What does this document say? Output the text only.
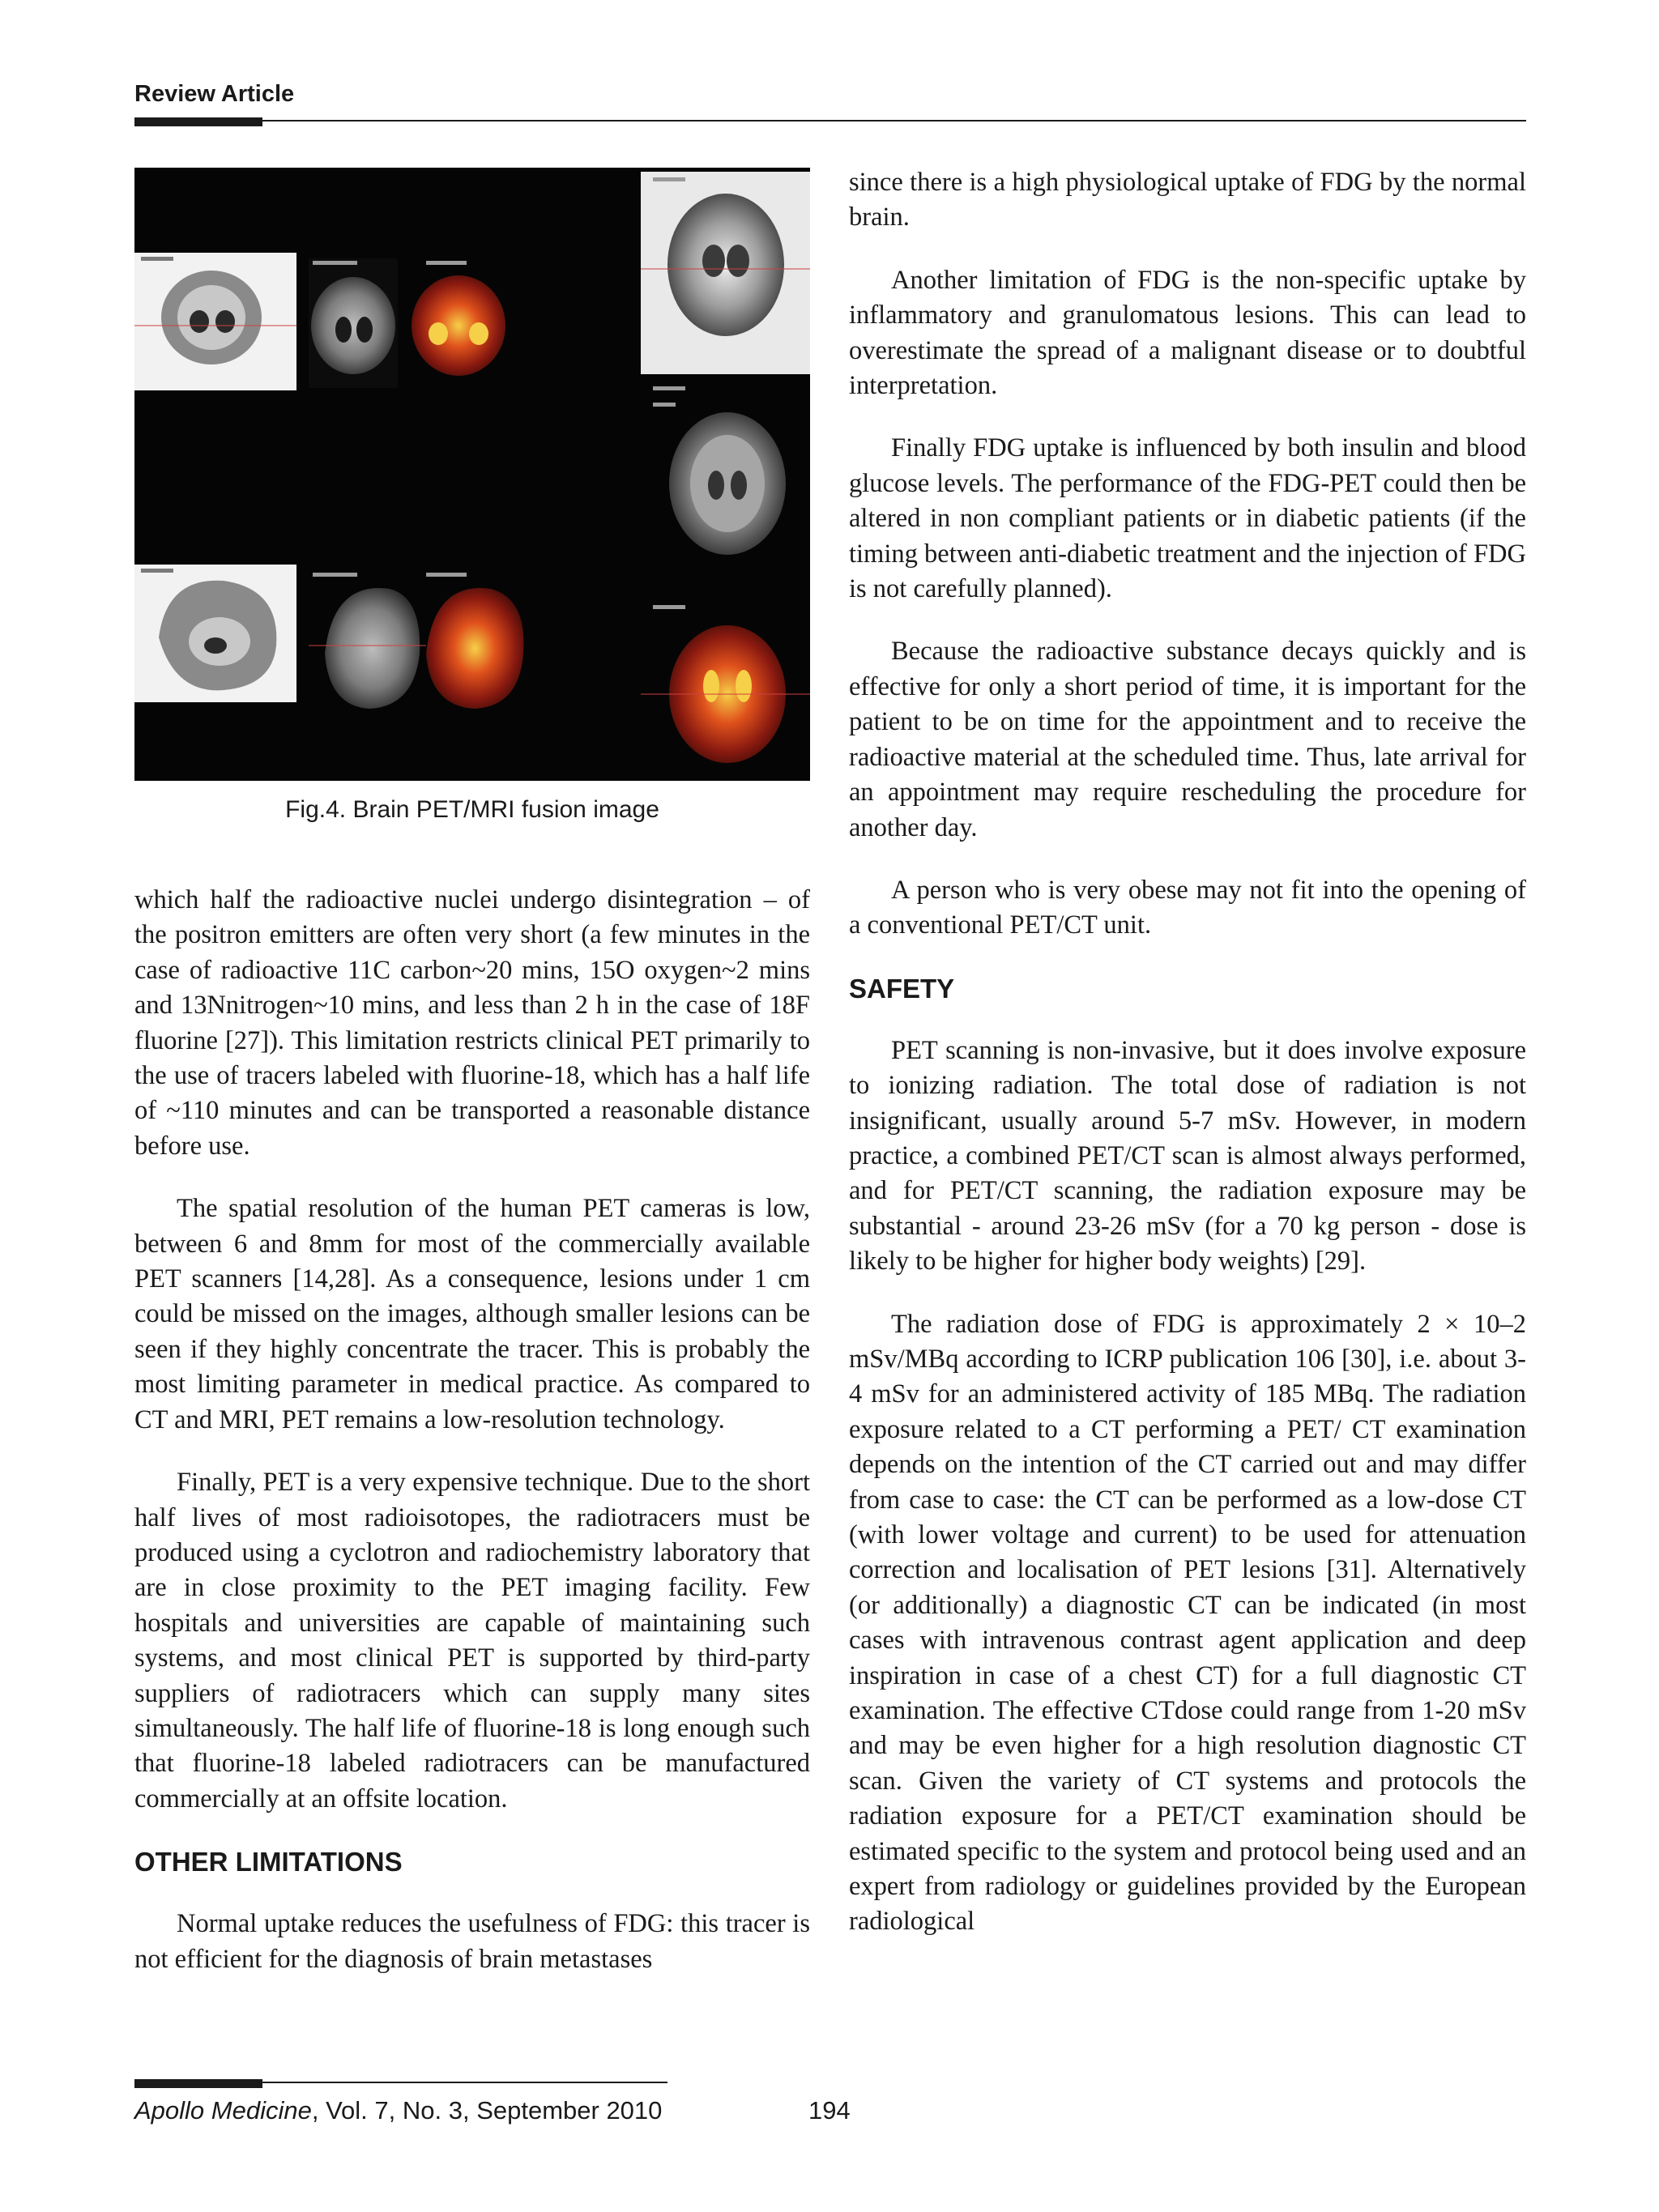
Review Article
Fig.4. Brain PET/MRI fusion image

which half the radioactive nuclei undergo disintegration – of the positron emitters are often very short (a few minutes in the case of radioactive 11C carbon~20 mins, 15O oxygen~2 mins and 13Nnitrogen~10 mins, and less than 2 h in the case of 18F fluorine [27]). This limitation restricts clinical PET primarily to the use of tracers labeled with fluorine-18, which has a half life of ~110 minutes and can be transported a reasonable distance before use.

The spatial resolution of the human PET cameras is low, between 6 and 8mm for most of the commercially available PET scanners [14,28]. As a consequence, lesions under 1 cm could be missed on the images, although smaller lesions can be seen if they highly concentrate the tracer. This is probably the most limiting parameter in medical practice. As compared to CT and MRI, PET remains a low-resolution technology.

Finally, PET is a very expensive technique. Due to the short half lives of most radioisotopes, the radiotracers must be produced using a cyclotron and radiochemistry laboratory that are in close proximity to the PET imaging facility. Few hospitals and universities are capable of maintaining such systems, and most clinical PET is supported by third-party suppliers of radiotracers which can supply many sites simultaneously. The half life of fluorine-18 is long enough such that fluorine-18 labeled radiotracers can be manufactured commercially at an offsite location.

OTHER LIMITATIONS

Normal uptake reduces the usefulness of FDG: this tracer is not efficient for the diagnosis of brain metastases

since there is a high physiological uptake of FDG by the normal brain.

Another limitation of FDG is the non-specific uptake by inflammatory and granulomatous lesions. This can lead to overestimate the spread of a malignant disease or to doubtful interpretation.

Finally FDG uptake is influenced by both insulin and blood glucose levels. The performance of the FDG-PET could then be altered in non compliant patients or in diabetic patients (if the timing between anti-diabetic treatment and the injection of FDG is not carefully planned).

Because the radioactive substance decays quickly and is effective for only a short period of time, it is important for the patient to be on time for the appointment and to receive the radioactive material at the scheduled time. Thus, late arrival for an appointment may require rescheduling the procedure for another day.

A person who is very obese may not fit into the opening of a conventional PET/CT unit.

SAFETY

PET scanning is non-invasive, but it does involve exposure to ionizing radiation. The total dose of radiation is not insignificant, usually around 5-7 mSv. However, in modern practice, a combined PET/CT scan is almost always performed, and for PET/CT scanning, the radiation exposure may be substantial - around 23-26 mSv (for a 70 kg person - dose is likely to be higher for higher body weights) [29].

The radiation dose of FDG is approximately 2 × 10–2 mSv/MBq according to ICRP publication 106 [30], i.e. about 3-4 mSv for an administered activity of 185 MBq. The radiation exposure related to a CT performing a PET/ CT examination depends on the intention of the CT carried out and may differ from case to case: the CT can be performed as a low-dose CT (with lower voltage and current) to be used for attenuation correction and localisation of PET lesions [31]. Alternatively (or additionally) a diagnostic CT can be indicated (in most cases with intravenous contrast agent application and deep inspiration in case of a chest CT) for a full diagnostic CT examination. The effective CTdose could range from 1-20 mSv and may be even higher for a high resolution diagnostic CT scan. Given the variety of CT systems and protocols the radiation exposure for a PET/CT examination should be estimated specific to the system and protocol being used and an expert from radiology or guidelines provided by the European radiological

Apollo Medicine, Vol. 7, No. 3, September 2010	194
